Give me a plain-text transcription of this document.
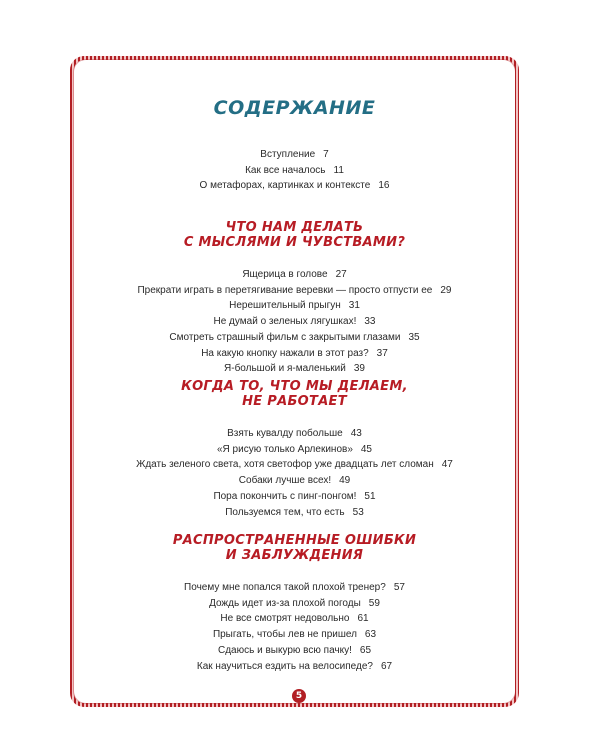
СОДЕРЖАНИЕ
Вступление 7
Как все началось 11
О метафорах, картинках и контексте 16
ЧТО НАМ ДЕЛАТЬ
С МЫСЛЯМИ И ЧУВСТВАМИ?
Ящерица в голове 27
Прекрати играть в перетягивание веревки — просто отпусти ее 29
Нерешительный прыгун 31
Не думай о зеленых лягушках! 33
Смотреть страшный фильм с закрытыми глазами 35
На какую кнопку нажали в этот раз? 37
Я-большой и я-маленький 39
КОГДА ТО, ЧТО МЫ ДЕЛАЕМ,
НЕ РАБОТАЕТ
Взять кувалду побольше 43
«Я рисую только Арлекинов» 45
Ждать зеленого света, хотя светофор уже двадцать лет сломан 47
Собаки лучше всех! 49
Пора покончить с пинг-понгом! 51
Пользуемся тем, что есть 53
РАСПРОСТРАНЕННЫЕ ОШИБКИ
И ЗАБЛУЖДЕНИЯ
Почему мне попался такой плохой тренер? 57
Дождь идет из-за плохой погоды 59
Не все смотрят недовольно 61
Прыгать, чтобы лев не пришел 63
Сдаюсь и выкурю всю пачку! 65
Как научиться ездить на велосипеде? 67
5
